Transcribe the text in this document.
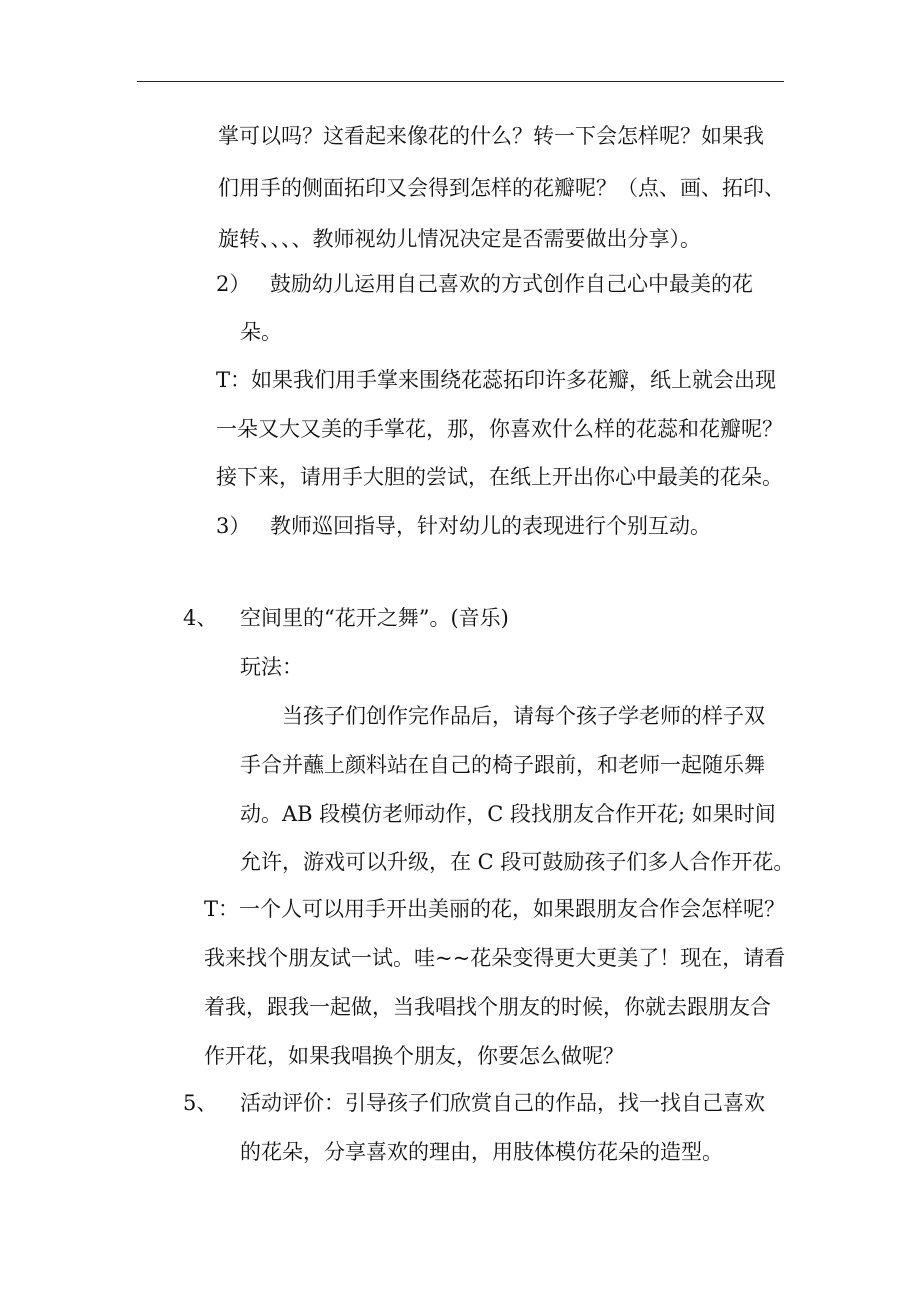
掌可以吗？这看起来像花的什么？转一下会怎样呢？如果我
们用手的侧面拓印又会得到怎样的花瓣呢？（点、画、拓印、
旋转、、、、教师视幼儿情况决定是否需要做出分享）。
2） 鼓励幼儿运用自己喜欢的方式创作自己心中最美的花
朵。
T：如果我们用手掌来围绕花蕊拓印许多花瓣，纸上就会出现
一朵又大又美的手掌花，那，你喜欢什么样的花蕊和花瓣呢？
接下来，请用手大胆的尝试，在纸上开出你心中最美的花朵。
3） 教师巡回指导，针对幼儿的表现进行个别互动。
4、 空间里的“花开之舞”。(音乐)
玩法：
当孩子们创作完作品后，请每个孩子学老师的样子双
手合并蘸上颜料站在自己的椅子跟前，和老师一起随乐舞
动。AB 段模仿老师动作，C 段找朋友合作开花; 如果时间
允许，游戏可以升级，在 C 段可鼓励孩子们多人合作开花。
T：一个人可以用手开出美丽的花，如果跟朋友合作会怎样呢？
我来找个朋友试一试。哇~~花朵变得更大更美了！现在，请看
着我，跟我一起做，当我唱找个朋友的时候，你就去跟朋友合
作开花，如果我唱换个朋友，你要怎么做呢？
5、 活动评价：引导孩子们欣赏自己的作品，找一找自己喜欢
的花朵，分享喜欢的理由，用肢体模仿花朵的造型。
